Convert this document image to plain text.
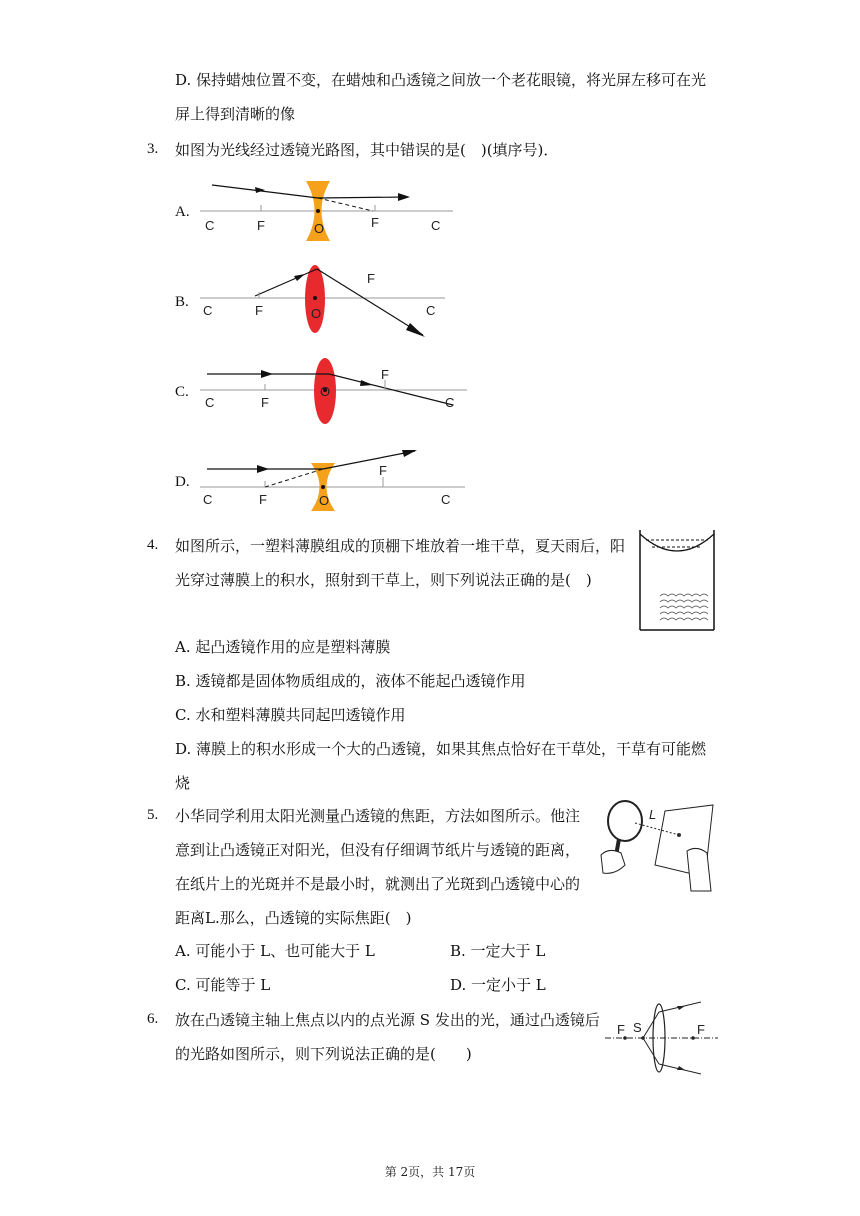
D. 保持蜡烛位置不变，在蜡烛和凸透镜之间放一个老花眼镜，将光屏左移可在光
屏上得到清晰的像
3. 如图为光线经过透镜光路图，其中错误的是(　)(填序号)．
A.
C	F	O	F	C
B.
C	F	O
F
C
C.
C	F
O
F
C
D.
C	F	O
F
C
4. 如图所示，一塑料薄膜组成的顶棚下堆放着一堆干草，夏天雨后，阳
光穿过薄膜上的积水，照射到干草上，则下列说法正确的是(　)
A. 起凸透镜作用的应是塑料薄膜
B. 透镜都是固体物质组成的，液体不能起凸透镜作用
C. 水和塑料薄膜共同起凹透镜作用
D. 薄膜上的积水形成一个大的凸透镜，如果其焦点恰好在干草处，干草有可能燃
烧
5. 小华同学利用太阳光测量凸透镜的焦距，方法如图所示。他注
意到让凸透镜正对阳光，但没有仔细调节纸片与透镜的距离，
在纸片上的光斑并不是最小时，就测出了光斑到凸透镜中心的
距离L.那么，凸透镜的实际焦距(　)
L
A. 可能小于 L、也可能大于 L	B. 一定大于 L
C. 可能等于 L	D. 一定小于 L
6. 放在凸透镜主轴上焦点以内的点光源 S 发出的光，通过凸透镜后
的光路如图所示，则下列说法正确的是(　　)
F S	F
第 2页，共 17页
